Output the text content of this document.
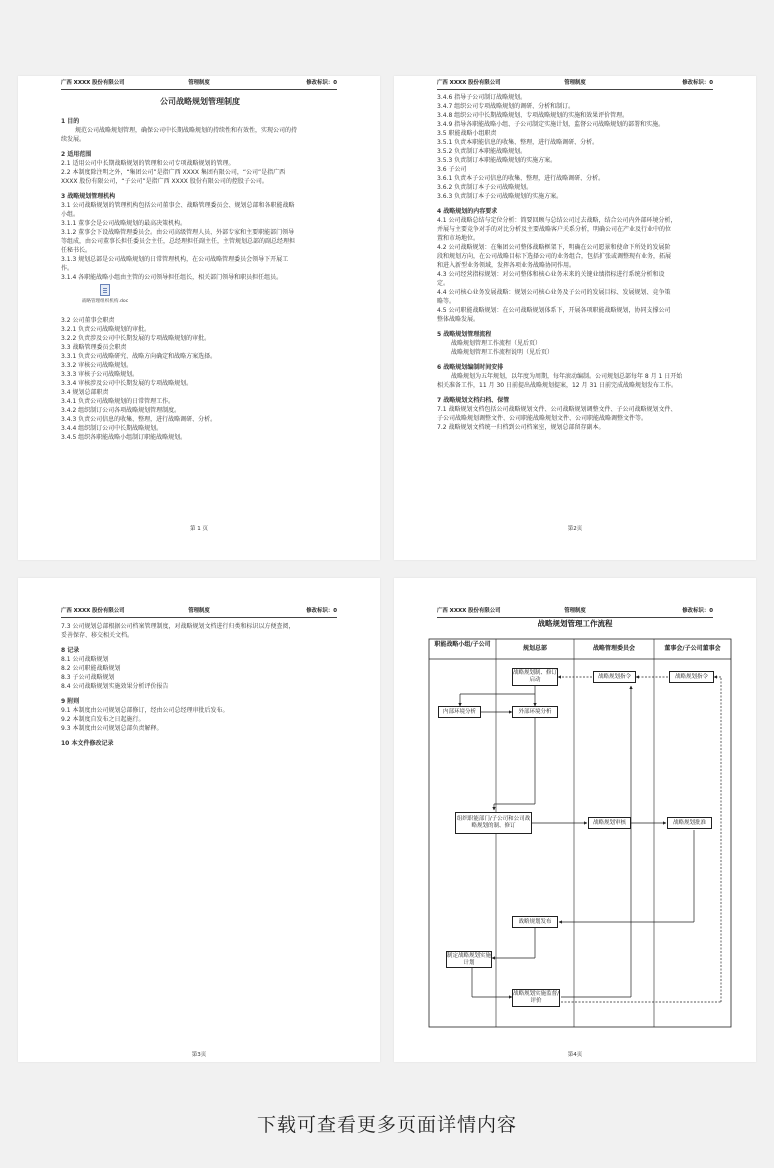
广西 XXXX 股份有限公司	管理制度	修改标识：0
公司战略规划管理制度
1 目的
规范公司战略规划管理，确保公司中长期战略规划的持续性和有效性，实现公司的持
续发展。
2 适用范围
2.1 适用公司中长期战略规划的管理和公司专项战略规划的管理。
2.2 本制度除注明之外，“集团公司”是指广西 XXXX 集团有限公司，“公司”是指广西
XXXX 股份有限公司，“子公司”是指广西 XXXX 股份有限公司的控股子公司。
3 战略规划管理机构
3.1 公司战略规划的管理机构包括公司董事会、战略管理委员会、规划总部和各职能战略
小组。
3.1.1 董事会是公司战略规划的最高决策机构。
3.1.2 董事会下设战略管理委员会。由公司高级管理人员、外部专家和主要职能部门领导
等组成，由公司董事长担任委员会主任，总经理担任副主任，主管规划总部的副总经理担
任秘书长。
3.1.3 规划总部是公司战略规划的日常管理机构，在公司战略管理委员会领导下开展工
作。
3.1.4 各职能战略小组由主管的公司领导担任组长，相关部门领导和职员担任组员。
战略管理组织机构.doc
3.2 公司董事会职责
3.2.1 负责公司战略规划的审批。
3.2.2 负责涉及公司中长期发展的专项战略规划的审批。
3.3 战略管理委员会职责
3.3.1 负责公司战略研究、战略方向确定和战略方案选择。
3.3.2 审核公司战略规划。
3.3.3 审核子公司战略规划。
3.3.4 审核涉及公司中长期发展的专项战略规划。
3.4 规划总部职责
3.4.1 负责公司战略规划的日常管理工作。
3.4.2 组织制订公司各项战略规划管理制度。
3.4.3 负责公司信息的收集、整理，进行战略调研、分析。
3.4.4 组织制订公司中长期战略规划。
3.4.5 组织各职能战略小组制订职能战略规划。
第 1 页
广西 XXXX 股份有限公司	管理制度	修改标识：0
3.4.6 指导子公司制订战略规划。
3.4.7 组织公司专项战略规划的调研、分析和制订。
3.4.8 组织公司中长期战略规划、专项战略规划的实施和效果评价管理。
3.4.9 指导各职能战略小组、子公司制定实施计划，监督公司战略规划的部署和实施。
3.5 职能战略小组职责
3.5.1 负责本职能信息的收集、整理，进行战略调研、分析。
3.5.2 负责制订本职能战略规划。
3.5.3 负责制订本职能战略规划的实施方案。
3.6 子公司
3.6.1 负责本子公司信息的收集、整理，进行战略调研、分析。
3.6.2 负责制订本子公司战略规划。
3.6.3 负责制订本子公司战略规划的实施方案。
4 战略规划的内容要求
4.1 公司战略总结与定位分析：简要回顾与总结公司过去战略，结合公司内外部环境分析，
并展与主要竞争对手的对比分析及主要战略客户关系分析，明确公司在产业及行业中的位
置和市场地位。
4.2 公司战略规划：在集团公司整体战略框架下，明确在公司愿景和使命下所处的发展阶
段和规划方向，在公司战略目标下选择公司的业务组合，包括扩张或调整现有业务，拓展
和进入新型业务领域，发挥各项业务战略协同作用。
4.3 公司经营指标规划：对公司整体和核心业务未来的关键业绩指标进行系统分析和设
定。
4.4 公司核心业务发展战略：规划公司核心业务及子公司的发展目标、发展规划、竞争策
略等。
4.5 公司职能战略规划：在公司战略规划体系下，开展各项职能战略规划，协同支撑公司
整体战略发展。
5 战略规划管理流程
战略规划管理工作流程（见后页）
战略规划管理工作流程说明（见后页）
6 战略规划编制时间安排
战略规划为五年规划，以年度为周期，每年滚动编制。公司规划总部每年 8 月 1 日开始
相关准备工作，11 月 30 日前提出战略规划提案，12 月 31 日前完成战略规划发布工作。
7 战略规划文档归档、保管
7.1 战略规划文档包括公司战略规划文件、公司战略规划调整文件、子公司战略规划文件、
子公司战略规划调整文件、公司职能战略规划文件、公司职能战略调整文件等。
7.2 战略规划文档统一归档到公司档案室，规划总部留存副本。
第2页
广西 XXXX 股份有限公司	管理制度	修改标识：0
7.3 公司规划总部根据公司档案管理制度，对战略规划文档进行归类和标识以方便查阅，
妥善保存、移交相关文档。
8 记录
8.1 公司战略规划
8.2 公司职能战略规划
8.3 子公司战略规划
8.4 公司战略规划实施效果分析评价报告
9 附则
9.1 本制度由公司规划总部修订，经由公司总经理审批后发布。
9.2 本制度自发布之日起施行。
9.3 本制度由公司规划总部负责解释。
10 本文件修改记录
第3页
广西 XXXX 股份有限公司	管理制度	修改标识：0
战略规划管理工作流程
职能战略小组/子公司
规划总部	战略管理委员会	董事会/子公司董事会
战略规划指令
战略规划指令
战略规划制、修订启动
内部环境分析	外部环境分析
组织职能部门/子公司和公司战略规划的制、修订
战略规划审核	战略规划批准
战略规划发布
制定战略规划实施计划
战略规划实施监督/评价
第4页
下载可查看更多页面详情内容
